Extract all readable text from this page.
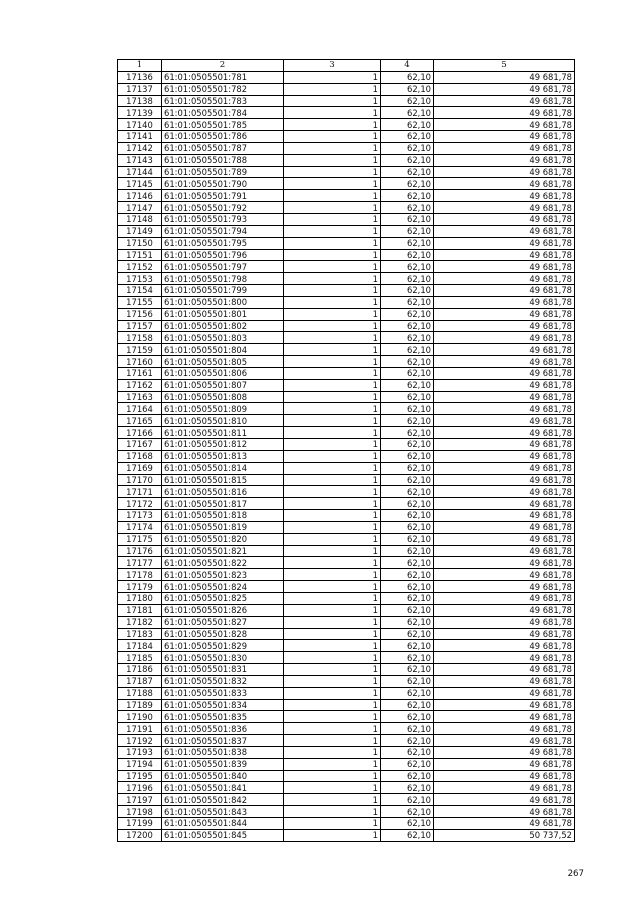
1	2	3	4	5
17136	61:01:0505501:781	1	62,10	49 681,78
17137	61:01:0505501:782	1	62,10	49 681,78
17138	61:01:0505501:783	1	62,10	49 681,78
17139	61:01:0505501:784	1	62,10	49 681,78
17140	61:01:0505501:785	1	62,10	49 681,78
17141	61:01:0505501:786	1	62,10	49 681,78
17142	61:01:0505501:787	1	62,10	49 681,78
17143	61:01:0505501:788	1	62,10	49 681,78
17144	61:01:0505501:789	1	62,10	49 681,78
17145	61:01:0505501:790	1	62,10	49 681,78
17146	61:01:0505501:791	1	62,10	49 681,78
17147	61:01:0505501:792	1	62,10	49 681,78
17148	61:01:0505501:793	1	62,10	49 681,78
17149	61:01:0505501:794	1	62,10	49 681,78
17150	61:01:0505501:795	1	62,10	49 681,78
17151	61:01:0505501:796	1	62,10	49 681,78
17152	61:01:0505501:797	1	62,10	49 681,78
17153	61:01:0505501:798	1	62,10	49 681,78
17154	61:01:0505501:799	1	62,10	49 681,78
17155	61:01:0505501:800	1	62,10	49 681,78
17156	61:01:0505501:801	1	62,10	49 681,78
17157	61:01:0505501:802	1	62,10	49 681,78
17158	61:01:0505501:803	1	62,10	49 681,78
17159	61:01:0505501:804	1	62,10	49 681,78
17160	61:01:0505501:805	1	62,10	49 681,78
17161	61:01:0505501:806	1	62,10	49 681,78
17162	61:01:0505501:807	1	62,10	49 681,78
17163	61:01:0505501:808	1	62,10	49 681,78
17164	61:01:0505501:809	1	62,10	49 681,78
17165	61:01:0505501:810	1	62,10	49 681,78
17166	61:01:0505501:811	1	62,10	49 681,78
17167	61:01:0505501:812	1	62,10	49 681,78
17168	61:01:0505501:813	1	62,10	49 681,78
17169	61:01:0505501:814	1	62,10	49 681,78
17170	61:01:0505501:815	1	62,10	49 681,78
17171	61:01:0505501:816	1	62,10	49 681,78
17172	61:01:0505501:817	1	62,10	49 681,78
17173	61:01:0505501:818	1	62,10	49 681,78
17174	61:01:0505501:819	1	62,10	49 681,78
17175	61:01:0505501:820	1	62,10	49 681,78
17176	61:01:0505501:821	1	62,10	49 681,78
17177	61:01:0505501:822	1	62,10	49 681,78
17178	61:01:0505501:823	1	62,10	49 681,78
17179	61:01:0505501:824	1	62,10	49 681,78
17180	61:01:0505501:825	1	62,10	49 681,78
17181	61:01:0505501:826	1	62,10	49 681,78
17182	61:01:0505501:827	1	62,10	49 681,78
17183	61:01:0505501:828	1	62,10	49 681,78
17184	61:01:0505501:829	1	62,10	49 681,78
17185	61:01:0505501:830	1	62,10	49 681,78
17186	61:01:0505501:831	1	62,10	49 681,78
17187	61:01:0505501:832	1	62,10	49 681,78
17188	61:01:0505501:833	1	62,10	49 681,78
17189	61:01:0505501:834	1	62,10	49 681,78
17190	61:01:0505501:835	1	62,10	49 681,78
17191	61:01:0505501:836	1	62,10	49 681,78
17192	61:01:0505501:837	1	62,10	49 681,78
17193	61:01:0505501:838	1	62,10	49 681,78
17194	61:01:0505501:839	1	62,10	49 681,78
17195	61:01:0505501:840	1	62,10	49 681,78
17196	61:01:0505501:841	1	62,10	49 681,78
17197	61:01:0505501:842	1	62,10	49 681,78
17198	61:01:0505501:843	1	62,10	49 681,78
17199	61:01:0505501:844	1	62,10	49 681,78
17200	61:01:0505501:845	1	62,10	50 737,52
267
